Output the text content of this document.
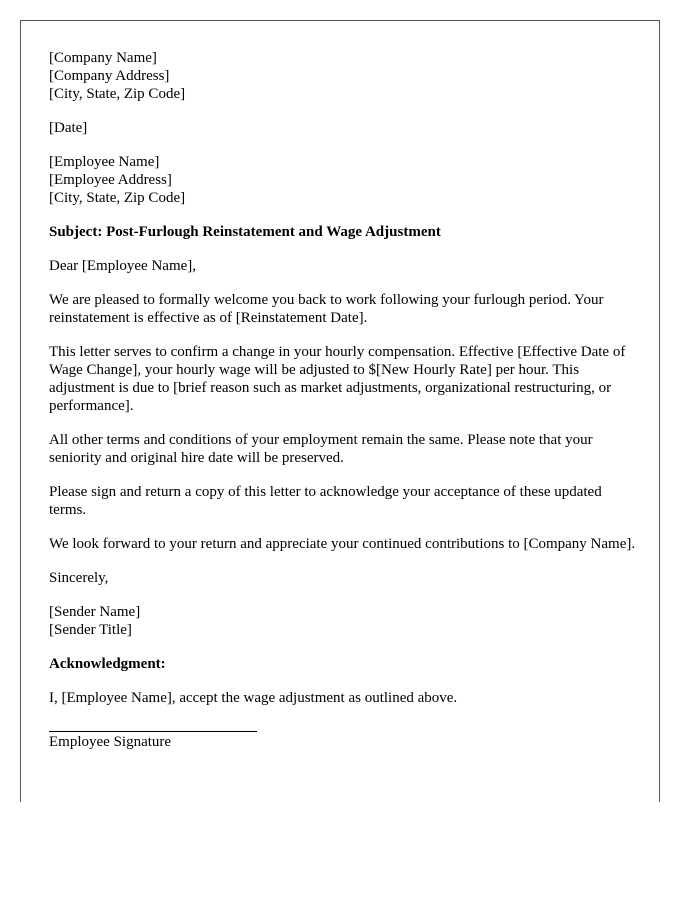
[Company Name]
[Company Address]
[City, State, Zip Code]
[Date]
[Employee Name]
[Employee Address]
[City, State, Zip Code]

Subject: Post-Furlough Reinstatement and Wage Adjustment

Dear [Employee Name],

We are pleased to formally welcome you back to work following your furlough period. Your reinstatement is effective as of [Reinstatement Date].

This letter serves to confirm a change in your hourly compensation. Effective [Effective Date of Wage Change], your hourly wage will be adjusted to $[New Hourly Rate] per hour. This adjustment is due to [brief reason such as market adjustments, organizational restructuring, or performance].

All other terms and conditions of your employment remain the same. Please note that your seniority and original hire date will be preserved.

Please sign and return a copy of this letter to acknowledge your acceptance of these updated terms.

We look forward to your return and appreciate your continued contributions to [Company Name].

Sincerely,

[Sender Name]
[Sender Title]

Acknowledgment:

I, [Employee Name], accept the wage adjustment as outlined above.

Employee Signature
